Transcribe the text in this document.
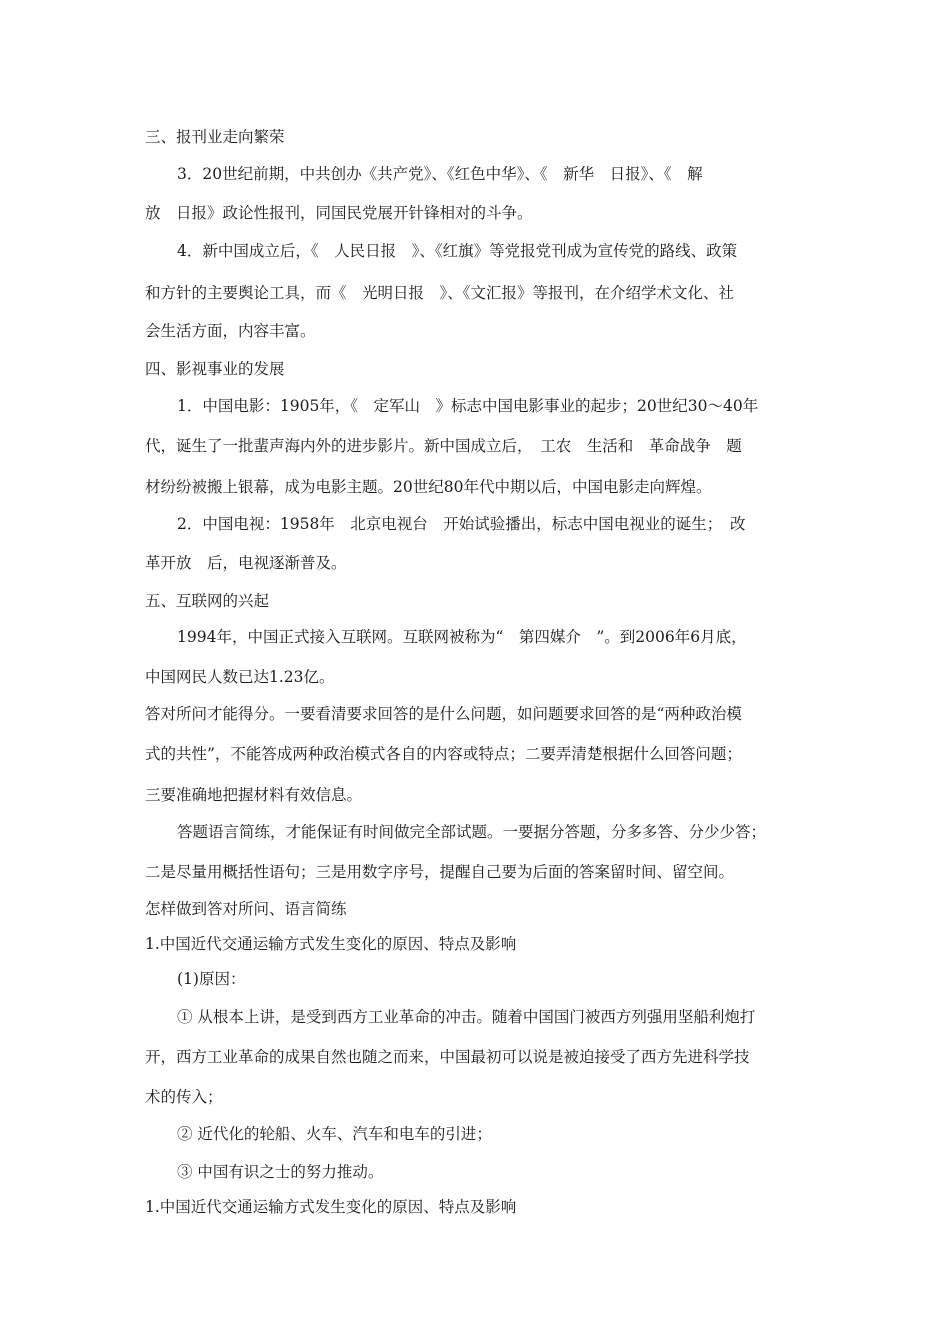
三、报刊业走向繁荣
3．20世纪前期，中共创办《共产党》、《红色中华》、《　新华　日报》、《　解
放　日报》政论性报刊，同国民党展开针锋相对的斗争。
4．新中国成立后，《　人民日报　》、《红旗》等党报党刊成为宣传党的路线、政策
和方针的主要舆论工具，而《　光明日报　》、《文汇报》等报刊，在介绍学术文化、社
会生活方面，内容丰富。
四、影视事业的发展
1．中国电影：1905年，《　定军山　》标志中国电影事业的起步；20世纪30～40年
代，诞生了一批蜚声海内外的进步影片。新中国成立后，　工农　生活和　革命战争　题
材纷纷被搬上银幕，成为电影主题。20世纪80年代中期以后，中国电影走向辉煌。
2．中国电视：1958年　北京电视台　开始试验播出，标志中国电视业的诞生；　改
革开放　后，电视逐渐普及。
五、互联网的兴起
1994年，中国正式接入互联网。互联网被称为“　第四媒介　”。到2006年6月底，
中国网民人数已达1.23亿。
答对所问才能得分。一要看清要求回答的是什么问题，如问题要求回答的是“两种政治模
式的共性”，不能答成两种政治模式各自的内容或特点；二要弄清楚根据什么回答问题；
三要准确地把握材料有效信息。
答题语言简练，才能保证有时间做完全部试题。一要据分答题，分多多答、分少少答；
二是尽量用概括性语句；三是用数字序号，提醒自己要为后面的答案留时间、留空间。
怎样做到答对所问、语言简练
1.中国近代交通运输方式发生变化的原因、特点及影响
(1)原因：
① 从根本上讲，是受到西方工业革命的冲击。随着中国国门被西方列强用坚船利炮打
开，西方工业革命的成果自然也随之而来，中国最初可以说是被迫接受了西方先进科学技
术的传入；
② 近代化的轮船、火车、汽车和电车的引进；
③ 中国有识之士的努力推动。
1.中国近代交通运输方式发生变化的原因、特点及影响
